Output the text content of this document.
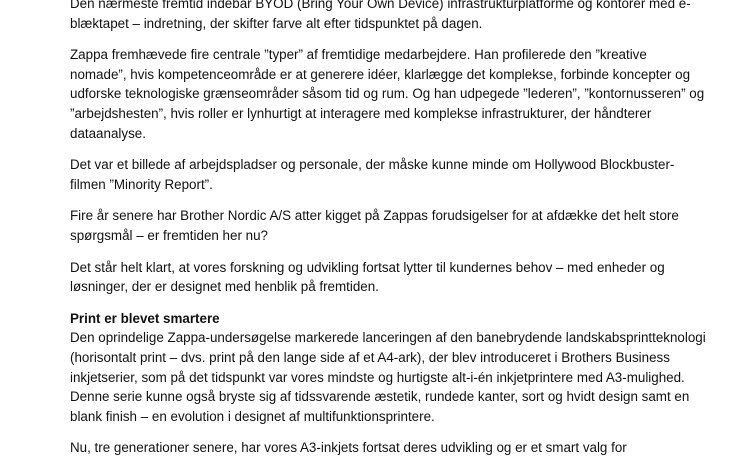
Den nærmeste fremtid indebar BYOD (Bring Your Own Device) infrastrukturplatforme og kontorer med e-
blæktapet – indretning, der skifter farve alt efter tidspunktet på dagen.

Zappa fremhævede fire centrale ”typer” af fremtidige medarbejdere. Han profilerede den ”kreative
nomade”, hvis kompetenceområde er at generere idéer, klarlægge det komplekse, forbinde koncepter og
udforske teknologiske grænseområder såsom tid og rum. Og han udpegede ”lederen”, ”kontornusseren” og
”arbejdshesten”, hvis roller er lynhurtigt at interagere med komplekse infrastrukturer, der håndterer
dataanalyse.

Det var et billede af arbejdspladser og personale, der måske kunne minde om Hollywood Blockbuster-
filmen ”Minority Report”.

Fire år senere har Brother Nordic A/S atter kigget på Zappas forudsigelser for at afdække det helt store
spørgsmål – er fremtiden her nu?

Det står helt klart, at vores forskning og udvikling fortsat lytter til kundernes behov – med enheder og
løsninger, der er designet med henblik på fremtiden.

Print er blevet smartere

Den oprindelige Zappa-undersøgelse markerede lanceringen af den banebrydende landskabsprintteknologi
(horisontalt print – dvs. print på den lange side af et A4-ark), der blev introduceret i Brothers Business
inkjetserier, som på det tidspunkt var vores mindste og hurtigste alt-i-én inkjetprintere med A3-mulighed.
Denne serie kunne også bryste sig af tidssvarende æstetik, rundede kanter, sort og hvidt design samt en
blank finish – en evolution i designet af multifunktionsprintere.

Nu, tre generationer senere, har vores A3-inkjets fortsat deres udvikling og er et smart valg for
